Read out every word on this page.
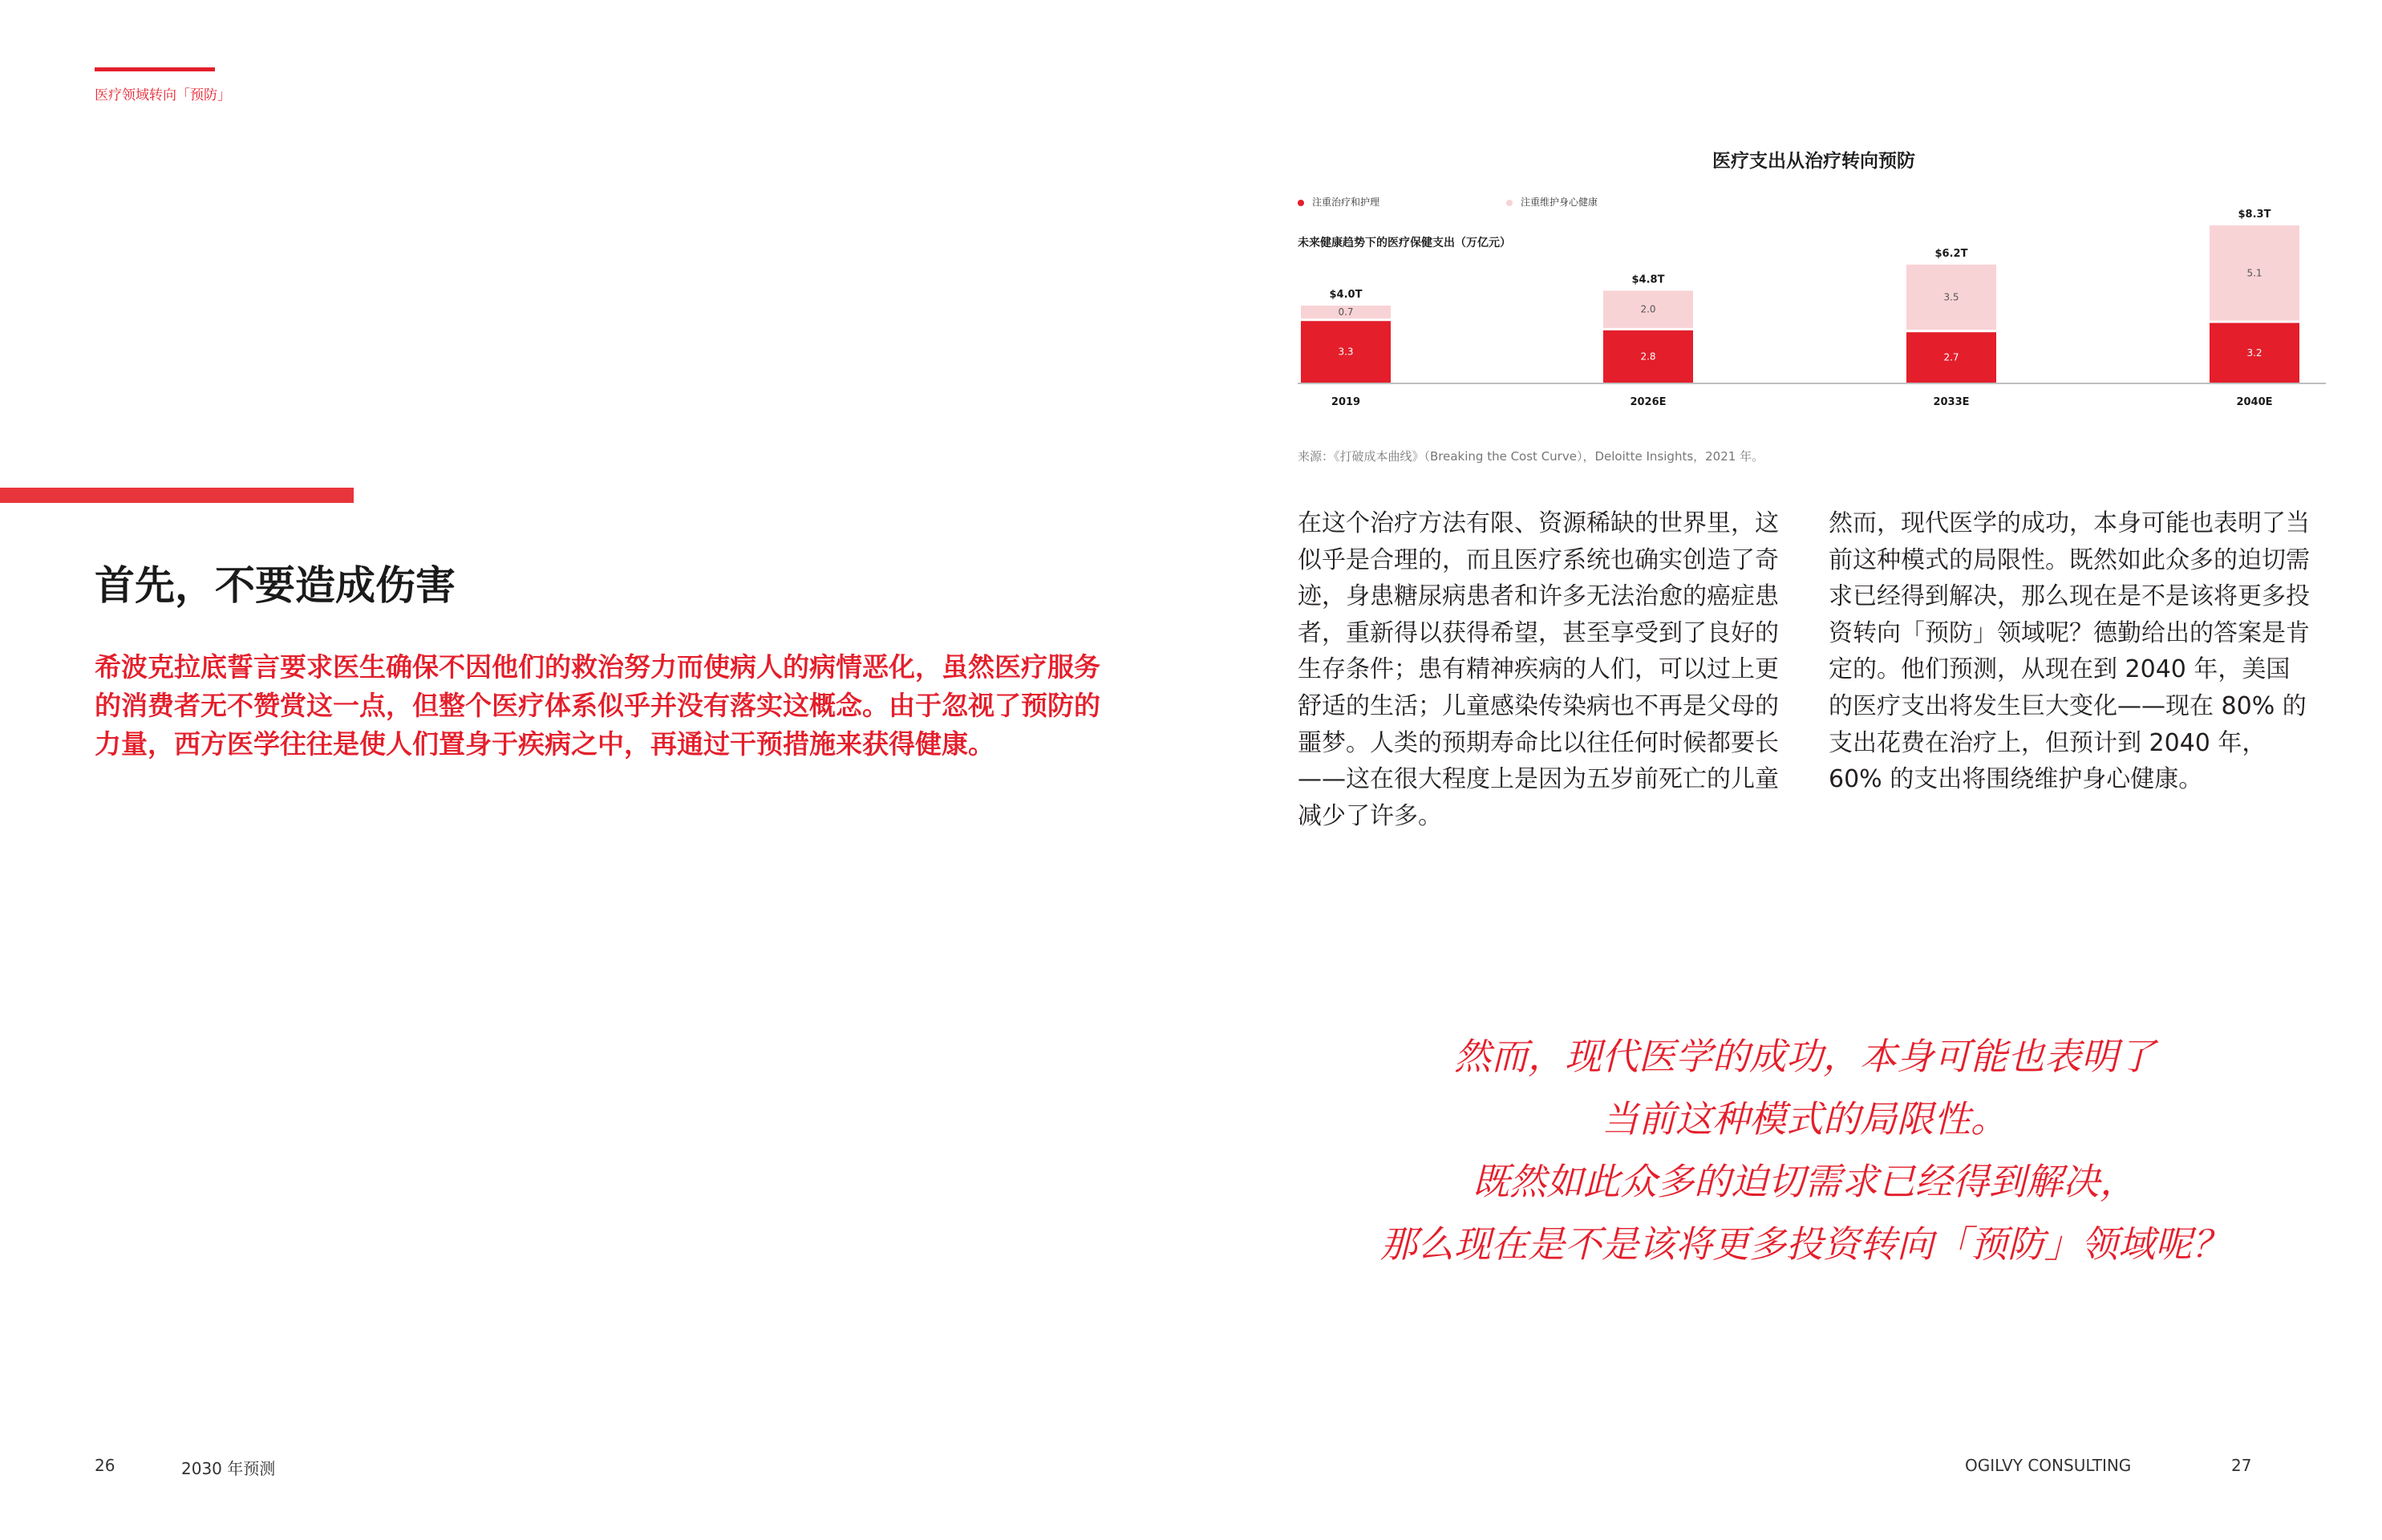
医疗领域转向「预防」
首先，不要造成伤害
希波克拉底誓言要求医生确保不因他们的救治努力而使病人的病情恶化，虽然医疗服务的消费者无不赞赏这一点，但整个医疗体系似乎并没有落实这概念。由于忽视了预防的力量，西方医学往往是使人们置身于疾病之中，再通过干预措施来获得健康。
26	2030 年预测
医疗支出从治疗转向预防
注重治疗和护理	注重维护身心健康
未来健康趋势下的医疗保健支出（万亿元）
3.3
0.7
$4.0T
2019
2.8
2.0
$4.8T
2026E
2.7
3.5
$6.2T
2033E
3.2
5.1
$8.3T
2040E
来源：《打破成本曲线》（Breaking the Cost Curve），Deloitte Insights，2021 年。
在这个治疗方法有限、资源稀缺的世界里，这似乎是合理的，而且医疗系统也确实创造了奇迹，身患糖尿病患者和许多无法治愈的癌症患者，重新得以获得希望，甚至享受到了良好的生存条件；患有精神疾病的人们，可以过上更舒适的生活；儿童感染传染病也不再是父母的噩梦。人类的预期寿命比以往任何时候都要长——这在很大程度上是因为五岁前死亡的儿童减少了许多。
然而，现代医学的成功，本身可能也表明了当前这种模式的局限性。既然如此众多的迫切需求已经得到解决，那么现在是不是该将更多投资转向「预防」领域呢？德勤给出的答案是肯定的。他们预测，从现在到 2040 年，美国的医疗支出将发生巨大变化——现在 80% 的支出花费在治疗上，但预计到 2040 年，60% 的支出将围绕维护身心健康。
然而，现代医学的成功，本身可能也表明了
当前这种模式的局限性。
既然如此众多的迫切需求已经得到解决，
那么现在是不是该将更多投资转向「预防」领域呢？
OGILVY CONSULTING	27
